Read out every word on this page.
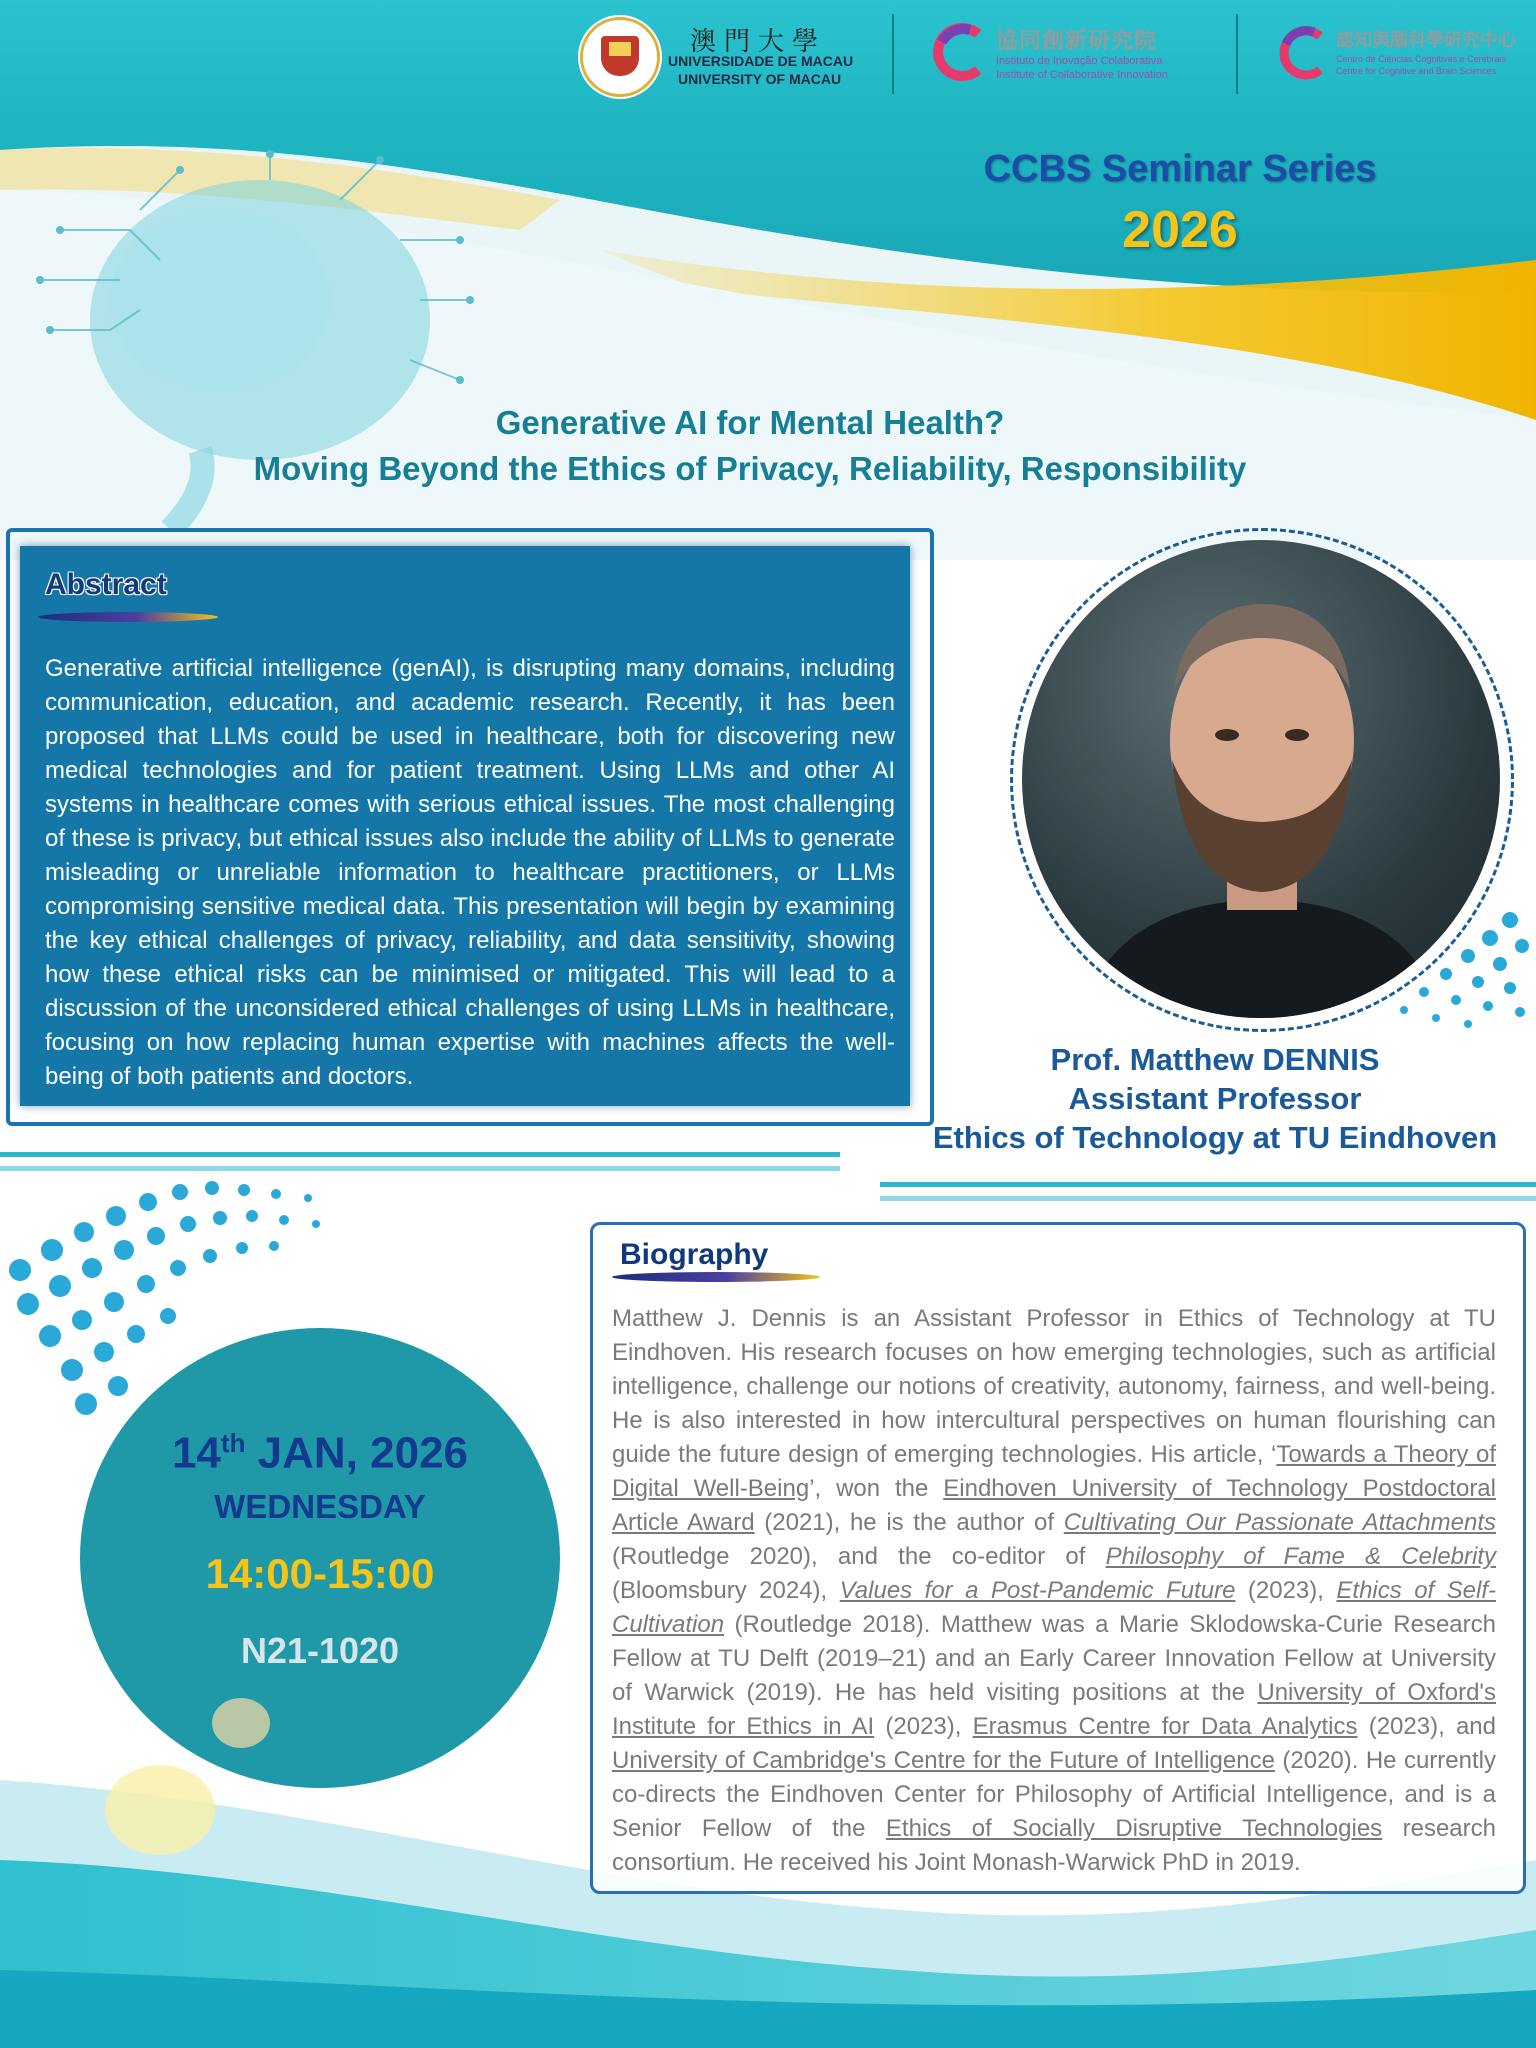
澳門大學
UNIVERSIDADE DE MACAU
UNIVERSITY OF MACAU
協同創新研究院
Instituto de Inovação Colaborativa
Institute of Collaborative Innovation
認知與腦科學研究中心
Centro de Ciências Cognitivas e Cerebrais
Centre for Cognitive and Brain Sciences
CCBS Seminar Series
2026
Generative AI for Mental Health?
Moving Beyond the Ethics of Privacy, Reliability, Responsibility
Abstract
Generative artificial intelligence (genAI), is disrupting many domains, including communication, education, and academic research. Recently, it has been proposed that LLMs could be used in healthcare, both for discovering new medical technologies and for patient treatment. Using LLMs and other AI systems in healthcare comes with serious ethical issues. The most challenging of these is privacy, but ethical issues also include the ability of LLMs to generate misleading or unreliable information to healthcare practitioners, or LLMs compromising sensitive medical data. This presentation will begin by examining the key ethical challenges of privacy, reliability, and data sensitivity, showing how these ethical risks can be minimised or mitigated. This will lead to a discussion of the unconsidered ethical challenges of using LLMs in healthcare, focusing on how replacing human expertise with machines affects the well-being of both patients and doctors.	Prof. Matthew DENNIS
Assistant Professor
Ethics of Technology at TU Eindhoven
14th JAN, 2026
WEDNESDAY
14:00-15:00
N21-1020
Biography
Matthew J. Dennis is an Assistant Professor in Ethics of Technology at TU Eindhoven. His research focuses on how emerging technologies, such as artificial intelligence, challenge our notions of creativity, autonomy, fairness, and well-being. He is also interested in how intercultural perspectives on human flourishing can guide the future design of emerging technologies. His article, ‘Towards a Theory of Digital Well-Being’, won the Eindhoven University of Technology Postdoctoral Article Award (2021), he is the author of Cultivating Our Passionate Attachments (Routledge 2020), and the co-editor of Philosophy of Fame & Celebrity (Bloomsbury 2024), Values for a Post-Pandemic Future (2023), Ethics of Self-Cultivation (Routledge 2018). Matthew was a Marie Sklodowska-Curie Research Fellow at TU Delft (2019–21) and an Early Career Innovation Fellow at University of Warwick (2019). He has held visiting positions at the University of Oxford's Institute for Ethics in AI (2023), Erasmus Centre for Data Analytics (2023), and University of Cambridge's Centre for the Future of Intelligence (2020). He currently co-directs the Eindhoven Center for Philosophy of Artificial Intelligence, and is a Senior Fellow of the Ethics of Socially Disruptive Technologies research consortium. He received his Joint Monash-Warwick PhD in 2019.
